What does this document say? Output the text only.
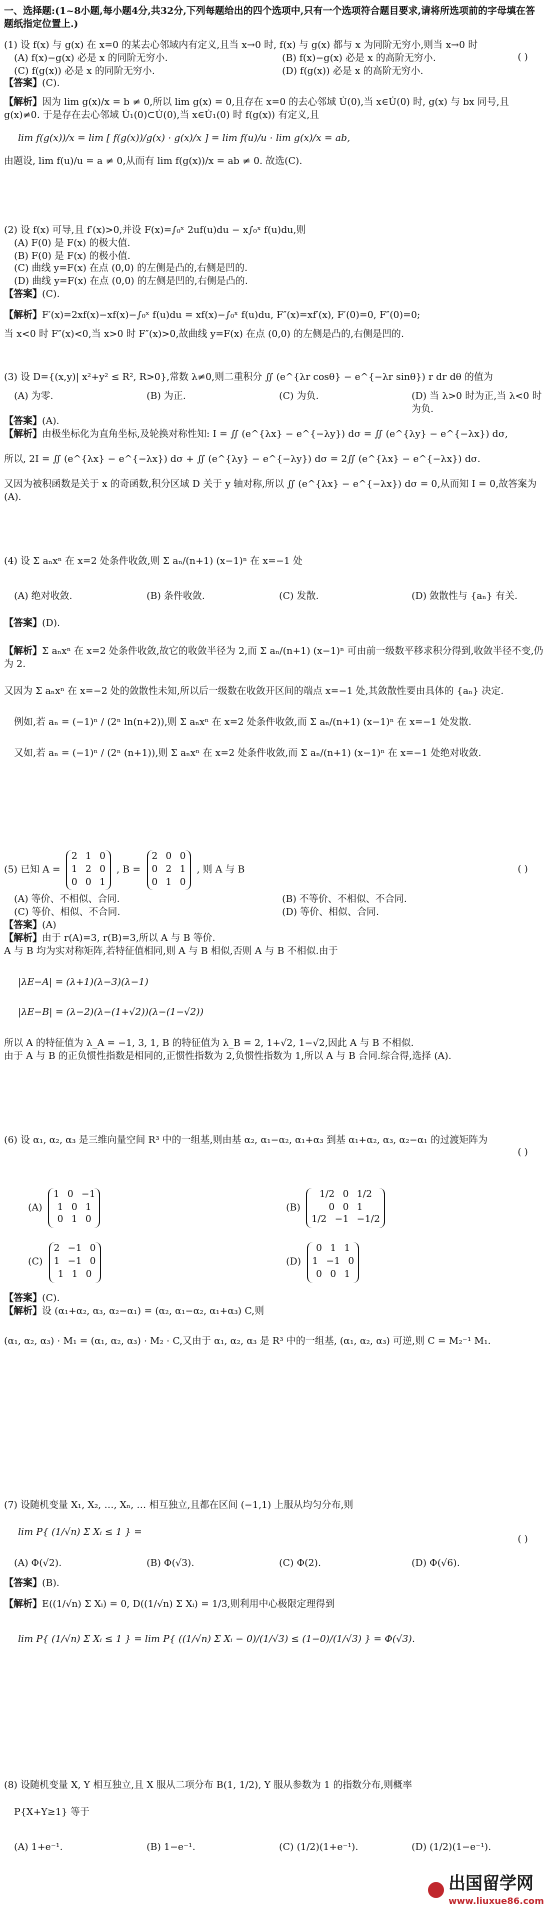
一、选择题:(1~8小题,每小题4分,共32分,下列每题给出的四个选项中,只有一个选项符合题目要求,请将所选项前的字母填在答题纸指定位置上.)

(1) 设 f(x) 与 g(x) 在 x=0 的某去心邻域内有定义,且当 x→0 时, f(x) 与 g(x) 都与 x 为同阶无穷小,则当 x→0 时

( )
(A) f(x)−g(x) 必是 x 的同阶无穷小.	(B) f(x)−g(x) 必是 x 的高阶无穷小.
(C) f(g(x)) 必是 x 的同阶无穷小.	(D) f(g(x)) 必是 x 的高阶无穷小.
【答案】(C).
【解析】因为 lim g(x)/x = b ≠ 0,所以 lim g(x) = 0,且存在 x=0 的去心邻域 U̇(0),当 x∈U̇(0) 时, g(x) 与 bx 同号,且 g(x)≠0. 于是存在去心邻域 U̇₁(0)⊂U̇(0),当 x∈U̇₁(0) 时 f(g(x)) 有定义,且
lim f(g(x))/x = lim [ f(g(x))/g(x) · g(x)/x ] = lim f(u)/u · lim g(x)/x = ab,
由题设, lim f(u)/u = a ≠ 0,从而有 lim f(g(x))/x = ab ≠ 0. 故选(C).

(2) 设 f(x) 可导,且 f′(x)>0,并设 F(x)=∫₀ˣ 2uf(u)du − x∫₀ˣ f(u)du,则

(A) F(0) 是 F(x) 的极大值.
(B) F(0) 是 F(x) 的极小值.
(C) 曲线 y=F(x) 在点 (0,0) 的左侧是凸的,右侧是凹的.
(D) 曲线 y=F(x) 在点 (0,0) 的左侧是凹的,右侧是凸的.
【答案】(C).
【解析】F′(x)=2xf(x)−xf(x)−∫₀ˣ f(u)du = xf(x)−∫₀ˣ f(u)du, F″(x)=xf′(x), F′(0)=0, F″(0)=0;
当 x<0 时 F″(x)<0,当 x>0 时 F″(x)>0,故曲线 y=F(x) 在点 (0,0) 的左侧是凸的,右侧是凹的.

(3) 设 D={(x,y)| x²+y² ≤ R², R>0},常数 λ≠0,则二重积分 ∬ (e^{λr cosθ} − e^{−λr sinθ}) r dr dθ 的值为

(A) 为零.	(B) 为正.	(C) 为负.	(D) 当 λ>0 时为正,当 λ<0 时为负.
【答案】(A).
【解析】由极坐标化为直角坐标,及轮换对称性知: I = ∬ (e^{λx} − e^{−λy}) dσ = ∬ (e^{λy} − e^{−λx}) dσ,
所以, 2I = ∬ (e^{λx} − e^{−λx}) dσ + ∬ (e^{λy} − e^{−λy}) dσ = 2∬ (e^{λx} − e^{−λx}) dσ.
又因为被积函数是关于 x 的奇函数,积分区域 D 关于 y 轴对称,所以 ∬ (e^{λx} − e^{−λx}) dσ = 0,从而知 I = 0,故答案为(A).

(4) 设 Σ aₙxⁿ 在 x=2 处条件收敛,则 Σ aₙ/(n+1) (x−1)ⁿ 在 x=−1 处

(A) 绝对收敛.	(B) 条件收敛.	(C) 发散.	(D) 敛散性与 {aₙ} 有关.
【答案】(D).
【解析】Σ aₙxⁿ 在 x=2 处条件收敛,故它的收敛半径为 2,而 Σ aₙ/(n+1) (x−1)ⁿ 可由前一级数平移求积分得到,收敛半径不变,仍为 2.
又因为 Σ aₙxⁿ 在 x=−2 处的敛散性未知,所以后一级数在收敛开区间的端点 x=−1 处,其敛散性要由具体的 {aₙ} 决定.
例如,若 aₙ = (−1)ⁿ / (2ⁿ ln(n+2)),则 Σ aₙxⁿ 在 x=2 处条件收敛,而 Σ aₙ/(n+1) (x−1)ⁿ 在 x=−1 处发散.
又如,若 aₙ = (−1)ⁿ / (2ⁿ (n+1)),则 Σ aₙxⁿ 在 x=2 处条件收敛,而 Σ aₙ/(n+1) (x−1)ⁿ 在 x=−1 处绝对收敛.
(5) 已知 A =
2 1 0
1 2 0
0 0 1
, B =
2 0 0
0 2 1
0 1 0
, 则 A 与 B	( )
(A) 等价、不相似、合同.	(B) 不等价、不相似、不合同.
(C) 等价、相似、不合同.	(D) 等价、相似、合同.
【答案】(A)
【解析】由于 r(A)=3, r(B)=3,所以 A 与 B 等价.
A 与 B 均为实对称矩阵,若特征值相同,则 A 与 B 相似,否则 A 与 B 不相似.由于
|λE−A| = (λ+1)(λ−3)(λ−1)
|λE−B| = (λ−2)(λ−(1+√2))(λ−(1−√2))
所以 A 的特征值为 λ_A = −1, 3, 1, B 的特征值为 λ_B = 2, 1+√2, 1−√2,因此 A 与 B 不相似.
由于 A 与 B 的正负惯性指数是相同的,正惯性指数为 2,负惯性指数为 1,所以 A 与 B 合同.综合得,选择 (A).

(6) 设 α₁, α₂, α₃ 是三维向量空间 R³ 中的一组基,则由基 α₂, α₁−α₂, α₁+α₃ 到基 α₁+α₂, α₃, α₂−α₁ 的过渡矩阵为

( )
(A)
1 0 −1
1 0 1
0 1 0
(B)
1/2 0 1/2
0 0 1
1/2 −1 −1/2
(C)
2 −1 0
1 −1 0
1 1 0
(D)
0 1 1
1 −1 0
0 0 1
【答案】(C).
【解析】设 (α₁+α₂, α₃, α₂−α₁) = (α₂, α₁−α₂, α₁+α₃) C,则
(α₁, α₂, α₃) · M₁ = (α₁, α₂, α₃) · M₂ · C,又由于 α₁, α₂, α₃ 是 R³ 中的一组基, (α₁, α₂, α₃) 可逆,则 C = M₂⁻¹ M₁.

(7) 设随机变量 X₁, X₂, …, Xₙ, … 相互独立,且都在区间 (−1,1) 上服从均匀分布,则

lim P{ (1/√n) Σ Xᵢ ≤ 1 } =
( )
(A) Φ(√2).	(B) Φ(√3).	(C) Φ(2).	(D) Φ(√6).
【答案】(B).
【解析】E((1/√n) Σ Xᵢ) = 0, D((1/√n) Σ Xᵢ) = 1/3,则利用中心极限定理得到
lim P{ (1/√n) Σ Xᵢ ≤ 1 } = lim P{ ((1/√n) Σ Xᵢ − 0)/(1/√3) ≤ (1−0)/(1/√3) } = Φ(√3).

(8) 设随机变量 X, Y 相互独立,且 X 服从二项分布 B(1, 1/2), Y 服从参数为 1 的指数分布,则概率

P{X+Y≥1} 等于
(A) 1+e⁻¹.	(B) 1−e⁻¹.	(C) (1/2)(1+e⁻¹).	(D) (1/2)(1−e⁻¹).
出国留学网
www.liuxue86.com
